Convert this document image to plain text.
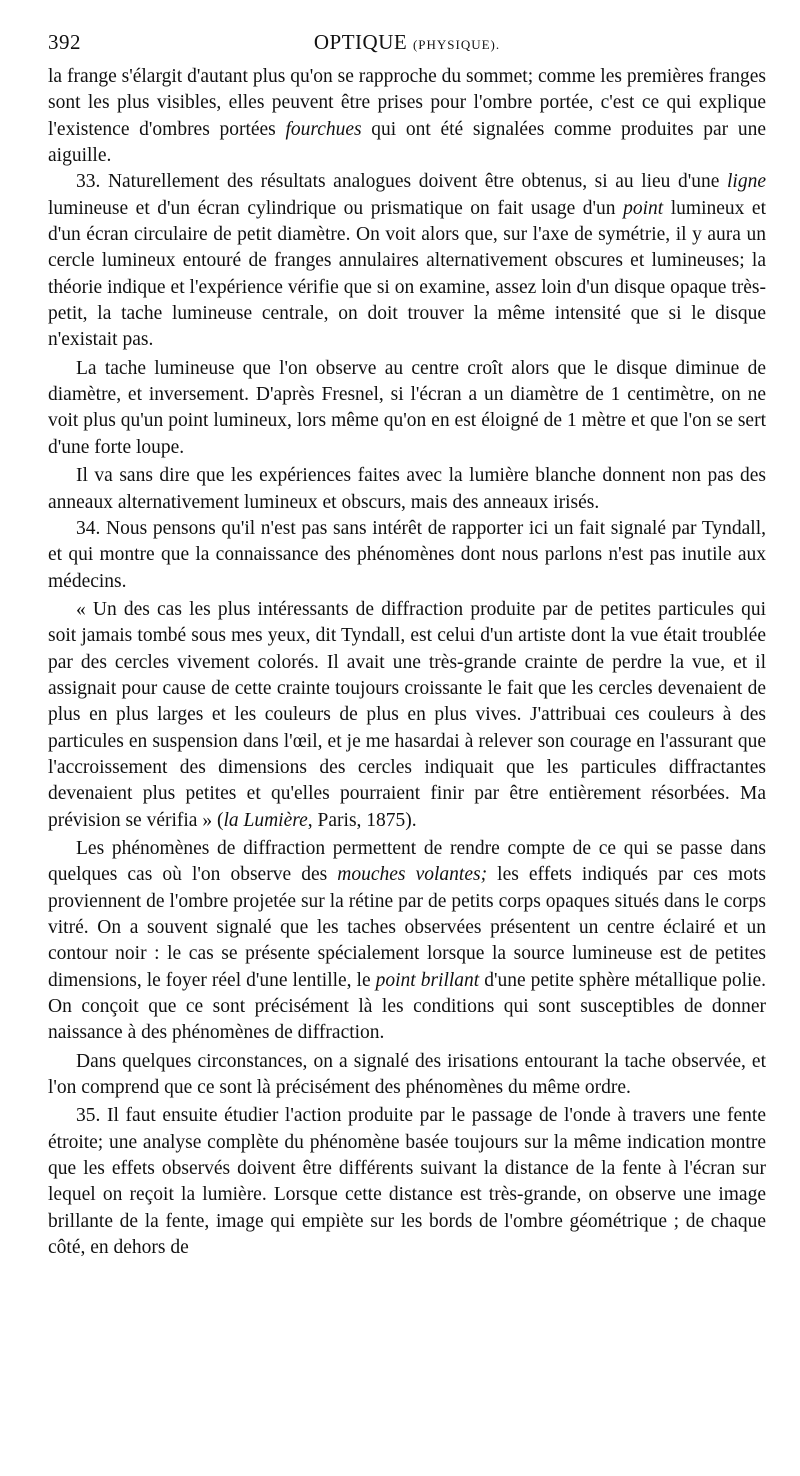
392	OPTIQUE (PHYSIQUE).

la frange s'élargit d'autant plus qu'on se rapproche du sommet; comme les premières franges sont les plus visibles, elles peuvent être prises pour l'ombre portée, c'est ce qui explique l'existence d'ombres portées fourchues qui ont été signalées comme produites par une aiguille.

33. Naturellement des résultats analogues doivent être obtenus, si au lieu d'une ligne lumineuse et d'un écran cylindrique ou prismatique on fait usage d'un point lumineux et d'un écran circulaire de petit diamètre. On voit alors que, sur l'axe de symétrie, il y aura un cercle lumineux entouré de franges annulaires alternativement obscures et lumineuses; la théorie indique et l'expérience vérifie que si on examine, assez loin d'un disque opaque très-petit, la tache lumineuse centrale, on doit trouver la même intensité que si le disque n'existait pas.

La tache lumineuse que l'on observe au centre croît alors que le disque diminue de diamètre, et inversement. D'après Fresnel, si l'écran a un diamètre de 1 centimètre, on ne voit plus qu'un point lumineux, lors même qu'on en est éloigné de 1 mètre et que l'on se sert d'une forte loupe.

Il va sans dire que les expériences faites avec la lumière blanche donnent non pas des anneaux alternativement lumineux et obscurs, mais des anneaux irisés.

34. Nous pensons qu'il n'est pas sans intérêt de rapporter ici un fait signalé par Tyndall, et qui montre que la connaissance des phénomènes dont nous parlons n'est pas inutile aux médecins.

« Un des cas les plus intéressants de diffraction produite par de petites particules qui soit jamais tombé sous mes yeux, dit Tyndall, est celui d'un artiste dont la vue était troublée par des cercles vivement colorés. Il avait une très-grande crainte de perdre la vue, et il assignait pour cause de cette crainte toujours croissante le fait que les cercles devenaient de plus en plus larges et les couleurs de plus en plus vives. J'attribuai ces couleurs à des particules en suspension dans l'œil, et je me hasardai à relever son courage en l'assurant que l'accroissement des dimensions des cercles indiquait que les particules diffractantes devenaient plus petites et qu'elles pourraient finir par être entièrement résorbées. Ma prévision se vérifia » (la Lumière, Paris, 1875).

Les phénomènes de diffraction permettent de rendre compte de ce qui se passe dans quelques cas où l'on observe des mouches volantes; les effets indiqués par ces mots proviennent de l'ombre projetée sur la rétine par de petits corps opaques situés dans le corps vitré. On a souvent signalé que les taches observées présentent un centre éclairé et un contour noir : le cas se présente spécialement lorsque la source lumineuse est de petites dimensions, le foyer réel d'une lentille, le point brillant d'une petite sphère métallique polie. On conçoit que ce sont précisément là les conditions qui sont susceptibles de donner naissance à des phénomènes de diffraction.

Dans quelques circonstances, on a signalé des irisations entourant la tache observée, et l'on comprend que ce sont là précisément des phénomènes du même ordre.

35. Il faut ensuite étudier l'action produite par le passage de l'onde à travers une fente étroite; une analyse complète du phénomène basée toujours sur la même indication montre que les effets observés doivent être différents suivant la distance de la fente à l'écran sur lequel on reçoit la lumière. Lorsque cette distance est très-grande, on observe une image brillante de la fente, image qui empiète sur les bords de l'ombre géométrique ; de chaque côté, en dehors de
